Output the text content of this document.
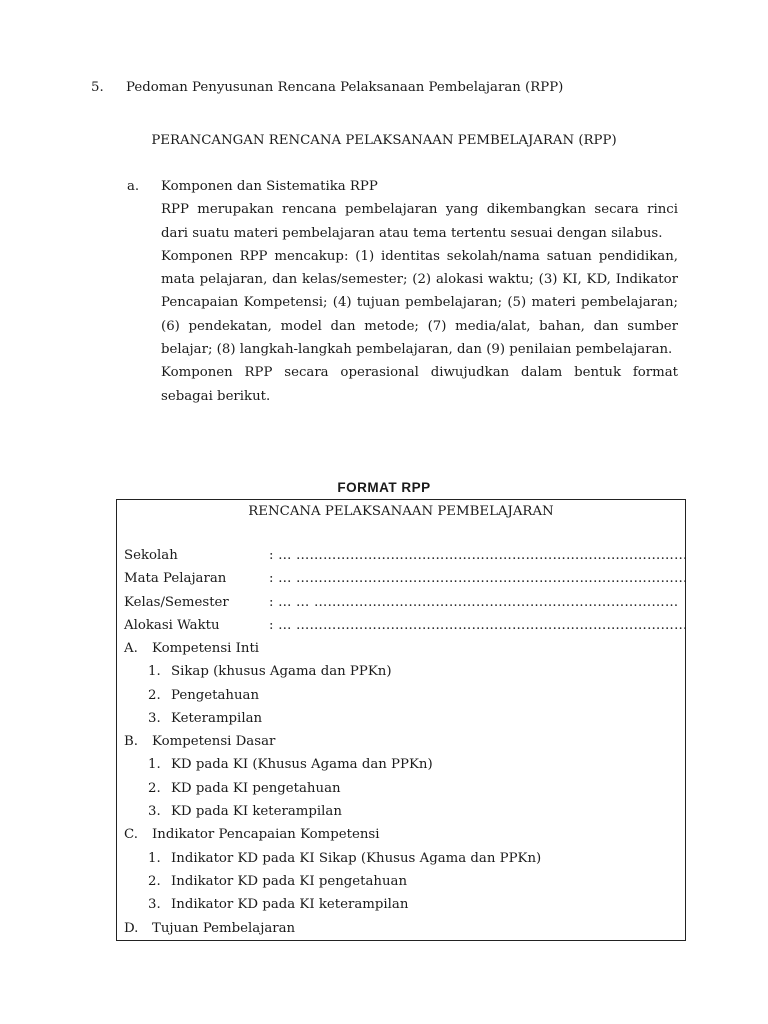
5. Pedoman Penyusunan Rencana Pelaksanaan Pembelajaran (RPP)
PERANCANGAN RENCANA PELAKSANAAN PEMBELAJARAN (RPP)
a. Komponen dan Sistematika RPP

RPP merupakan rencana pembelajaran yang dikembangkan secara rinci dari suatu materi pembelajaran atau tema tertentu sesuai dengan silabus.

Komponen RPP mencakup: (1) identitas sekolah/nama satuan pendidikan, mata pelajaran, dan kelas/semester; (2) alokasi waktu; (3) KI, KD, Indikator Pencapaian Kompetensi; (4) tujuan pembelajaran; (5) materi pembelajaran; (6) pendekatan, model dan metode; (7) media/alat, bahan, dan sumber belajar; (8) langkah-langkah pembelajaran, dan (9) penilaian pembelajaran.

Komponen RPP secara operasional diwujudkan dalam bentuk format sebagai berikut.

FORMAT RPP
RENCANA PELAKSANAAN PEMBELAJARAN
Sekolah	: … ……………………………………………………………………………
Mata Pelajaran	: … ……………………………………………………………………………
Kelas/Semester	: … … ………………………………………………………………………
Alokasi Waktu	: … ……………………………………………………………………………
A. Kompetensi Inti
1. Sikap (khusus Agama dan PPKn)
2. Pengetahuan
3. Keterampilan
B. Kompetensi Dasar
1. KD pada KI (Khusus Agama dan PPKn)
2. KD pada KI pengetahuan
3. KD pada KI keterampilan
C. Indikator Pencapaian Kompetensi
1. Indikator KD pada KI Sikap (Khusus Agama dan PPKn)
2. Indikator KD pada KI pengetahuan
3. Indikator KD pada KI keterampilan
D. Tujuan Pembelajaran
